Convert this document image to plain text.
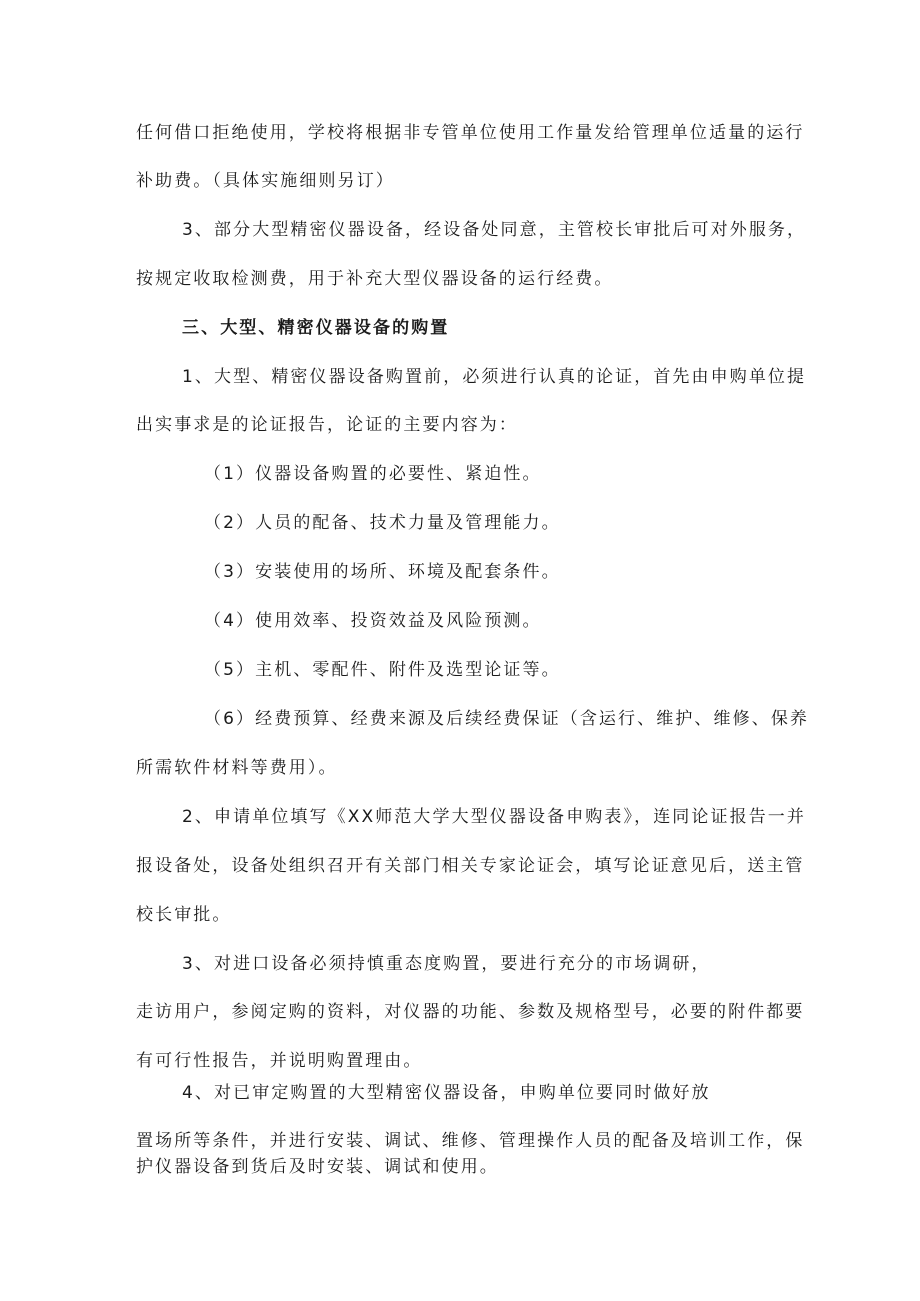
任何借口拒绝使用，学校将根据非专管单位使用工作量发给管理单位适量的运行
补助费。（具体实施细则另订）
3、部分大型精密仪器设备，经设备处同意，主管校长审批后可对外服务，
按规定收取检测费，用于补充大型仪器设备的运行经费。
三、大型、精密仪器设备的购置
1、大型、精密仪器设备购置前，必须进行认真的论证，首先由申购单位提
出实事求是的论证报告，论证的主要内容为：
（1）仪器设备购置的必要性、紧迫性。
（2）人员的配备、技术力量及管理能力。
（3）安装使用的场所、环境及配套条件。
（4）使用效率、投资效益及风险预测。
（5）主机、零配件、附件及选型论证等。
（6）经费预算、经费来源及后续经费保证（含运行、维护、维修、保养
所需软件材料等费用）。
2、申请单位填写《XX师范大学大型仪器设备申购表》，连同论证报告一并
报设备处，设备处组织召开有关部门相关专家论证会，填写论证意见后，送主管
校长审批。
3、对进口设备必须持慎重态度购置，要进行充分的市场调研，
走访用户，参阅定购的资料，对仪器的功能、参数及规格型号，必要的附件都要
有可行性报告，并说明购置理由。
4、对已审定购置的大型精密仪器设备，申购单位要同时做好放
置场所等条件，并进行安装、调试、维修、管理操作人员的配备及培训工作，保
护仪器设备到货后及时安装、调试和使用。
